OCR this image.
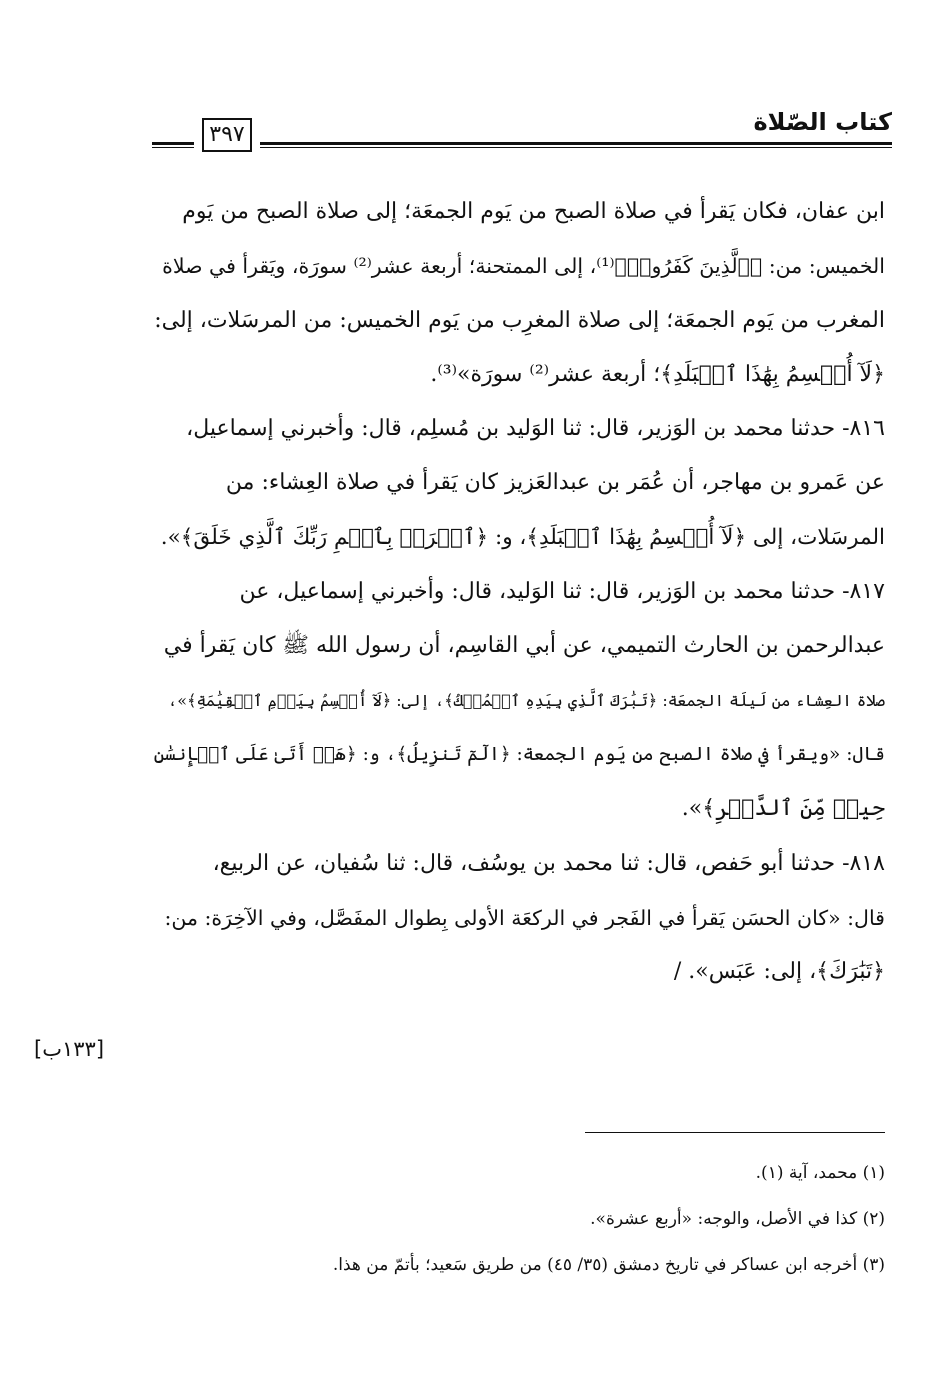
كتاب الصّلاة
٣٩٧
ابن عفان، فكان يَقرأ في صلاة الصبح من يَوم الجمعَة؛ إلى صلاة الصبح من يَوم
الخميس: من: ﴿ٱلَّذِينَ كَفَرُوا۟﴾⁽¹⁾، إلى الممتحنة؛ أربعة عشر⁽²⁾ سورَة، ويَقرأ في صلاة
المغرب من يَوم الجمعَة؛ إلى صلاة المغرِب من يَوم الخميس: من المرسَلات، إلى:
﴿لَآ أُقۡسِمُ بِهَٰذَا ٱلۡبَلَدِ﴾؛ أربعة عشر⁽²⁾ سورَة»⁽³⁾.
٨١٦- حدثنا محمد بن الوَزير، قال: ثنا الوَليد بن مُسلِم، قال: وأخبرني إسماعيل،
عن عَمرو بن مهاجر، أن عُمَر بن عبدالعَزيز كان يَقرأ في صلاة العِشاء: من
المرسَلات، إلى ﴿لَآ أُقۡسِمُ بِهَٰذَا ٱلۡبَلَدِ﴾، و: ﴿ٱقۡرَأۡ بِٱسۡمِ رَبِّكَ ٱلَّذِي خَلَقَ﴾».
٨١٧- حدثنا محمد بن الوَزير، قال: ثنا الوَليد، قال: وأخبرني إسماعيل، عن
عبدالرحمن بن الحارث التميمي، عن أبي القاسِم، أن رسول الله ﷺ كان يَقرأ في
صلاة العِشاء من لَيلَة الجمعَة: ﴿تَبَٰرَكَ ٱلَّذِي بِيَدِهِ ٱلۡمُلۡكُ﴾، إلى: ﴿لَآ أُقۡسِمُ بِيَوۡمِ ٱلۡقِيَٰمَةِ﴾»،
قال: «ويقرأ في صلاة الصبح من يَوم الجمعة: ﴿الٓمٓ تَنزِيلُ﴾، و: ﴿هَلۡ أَتَىٰ عَلَى ٱلۡإِنسَٰنِ
حِينٞ مِّنَ ٱلدَّهۡرِ﴾».
٨١٨- حدثنا أبو حَفص، قال: ثنا محمد بن يوسُف، قال: ثنا سُفيان، عن الربيع،
قال: «كان الحسَن يَقرأ في الفَجر في الركعَة الأولى بِطوال المفَصَّل، وفي الآخِرَة: من:
﴿تَبَٰرَكَ﴾، إلى: عَبَس». /
[١٣٣ب]
(١) محمد، آية (١).
(٢) كذا في الأصل، والوجه: «أربع عشرة».
(٣) أخرجه ابن عساكر في تاريخ دمشق (٣٥/ ٤٥) من طريق سَعيد؛ بأتمّ من هذا.
